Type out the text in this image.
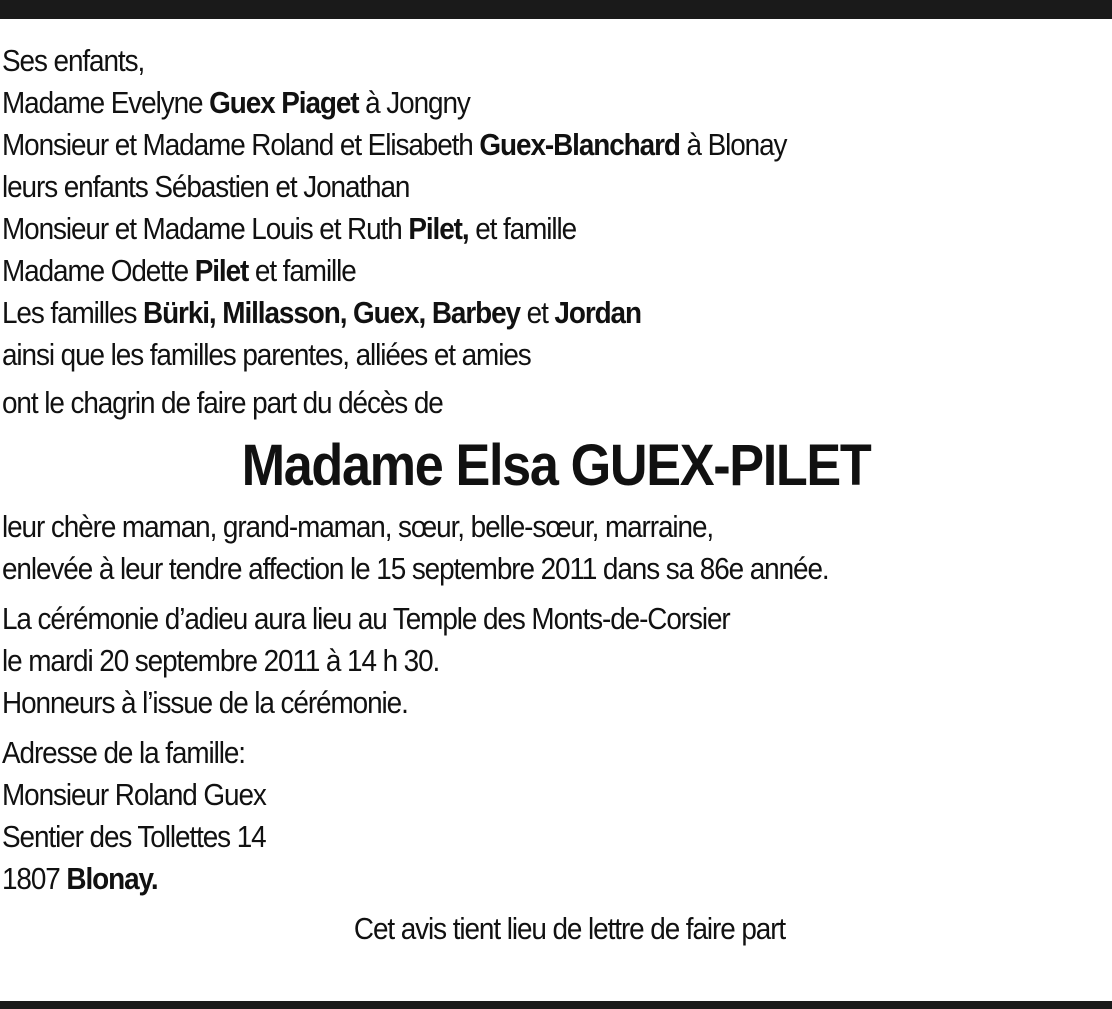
Ses enfants,
Madame Evelyne Guex Piaget à Jongny
Monsieur et Madame Roland et Elisabeth Guex-Blanchard à Blonay
leurs enfants Sébastien et Jonathan
Monsieur et Madame Louis et Ruth Pilet, et famille
Madame Odette Pilet et famille
Les familles Bürki, Millasson, Guex, Barbey et Jordan
ainsi que les familles parentes, alliées et amies
ont le chagrin de faire part du décès de
Madame Elsa GUEX-PILET
leur chère maman, grand-maman, sœur, belle-sœur, marraine,
enlevée à leur tendre affection le 15 septembre 2011 dans sa 86e année.
La cérémonie d’adieu aura lieu au Temple des Monts-de-Corsier
le mardi 20 septembre 2011 à 14 h 30.
Honneurs à l’issue de la cérémonie.
Adresse de la famille:
Monsieur Roland Guex
Sentier des Tollettes 14
1807 Blonay.
Cet avis tient lieu de lettre de faire part
